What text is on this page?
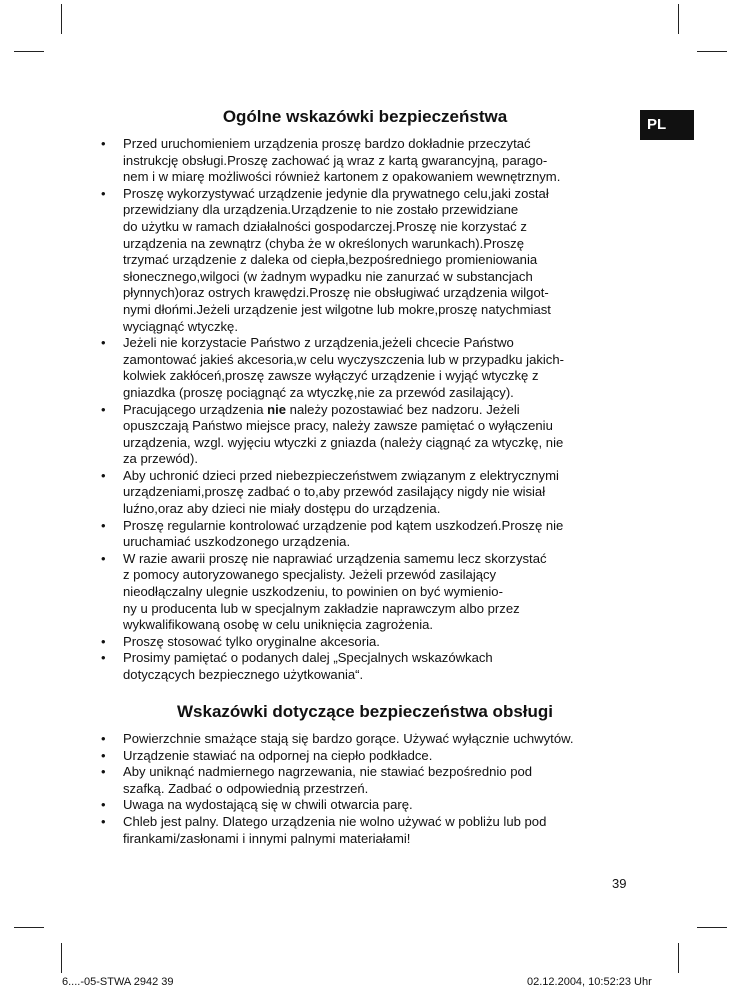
PL
Ogólne wskazówki bezpieczeństwa
•	Przed uruchomieniem urządzenia proszę bardzo dokładnie przeczytać
instrukcję obsługi.Proszę zachować ją wraz z kartą gwarancyjną, parago-
nem i w miarę możliwości również kartonem z opakowaniem wewnętrznym.
•	Proszę wykorzystywać urządzenie jedynie dla prywatnego celu,jaki został
przewidziany dla urządzenia.Urządzenie to nie zostało przewidziane
do użytku w ramach działalności gospodarczej.Proszę nie korzystać z
urządzenia na zewnątrz (chyba że w określonych warunkach).Proszę
trzymać urządzenie z daleka od ciepła,bezpośredniego promieniowania
słonecznego,wilgoci (w żadnym wypadku nie zanurzać w substancjach
płynnych)oraz ostrych krawędzi.Proszę nie obsługiwać urządzenia wilgot-
nymi dłońmi.Jeżeli urządzenie jest wilgotne lub mokre,proszę natychmiast
wyciągnąć wtyczkę.
•	Jeżeli nie korzystacie Państwo z urządzenia,jeżeli chcecie Państwo
zamontować jakieś akcesoria,w celu wyczyszczenia lub w przypadku jakich-
kolwiek zakłóceń,proszę zawsze wyłączyć urządzenie i wyjąć wtyczkę z
gniazdka (proszę pociągnąć za wtyczkę,nie za przewód zasilający).
•	Pracującego urządzenia nie należy pozostawiać bez nadzoru. Jeżeli
opuszczają Państwo miejsce pracy, należy zawsze pamiętać o wyłączeniu
urządzenia, wzgl. wyjęciu wtyczki z gniazda (należy ciągnąć za wtyczkę, nie
za przewód).
•	Aby uchronić dzieci przed niebezpieczeństwem związanym z elektrycznymi
urządzeniami,proszę zadbać o to,aby przewód zasilający nigdy nie wisiał
luźno,oraz aby dzieci nie miały dostępu do urządzenia.
•	Proszę regularnie kontrolować urządzenie pod kątem uszkodzeń.Proszę nie
uruchamiać uszkodzonego urządzenia.
•	W razie awarii proszę nie naprawiać urządzenia samemu lecz skorzystać
z pomocy autoryzowanego specjalisty. Jeżeli przewód zasilający
nieodłączalny ulegnie uszkodzeniu, to powinien on być wymienio-
ny u producenta lub w specjalnym zakładzie naprawczym albo przez
wykwalifikowaną osobę w celu uniknięcia zagrożenia.
•	Proszę stosować tylko oryginalne akcesoria.
•	Prosimy pamiętać o podanych dalej „Specjalnych wskazówkach
dotyczących bezpiecznego użytkowania“.
Wskazówki dotyczące bezpieczeństwa obsługi
•	Powierzchnie smażące stają się bardzo gorące. Używać wyłącznie uchwytów.
•	Urządzenie stawiać na odpornej na ciepło podkładce.
•	Aby uniknąć nadmiernego nagrzewania, nie stawiać bezpośrednio pod
szafką. Zadbać o odpowiednią przestrzeń.
•	Uwaga na wydostającą się w chwili otwarcia parę.
•	Chleb jest palny. Dlatego urządzenia nie wolno używać w pobliżu lub pod
firankami/zasłonami i innymi palnymi materiałami!
39
6....-05-STWA 2942 39	02.12.2004, 10:52:23 Uhr
